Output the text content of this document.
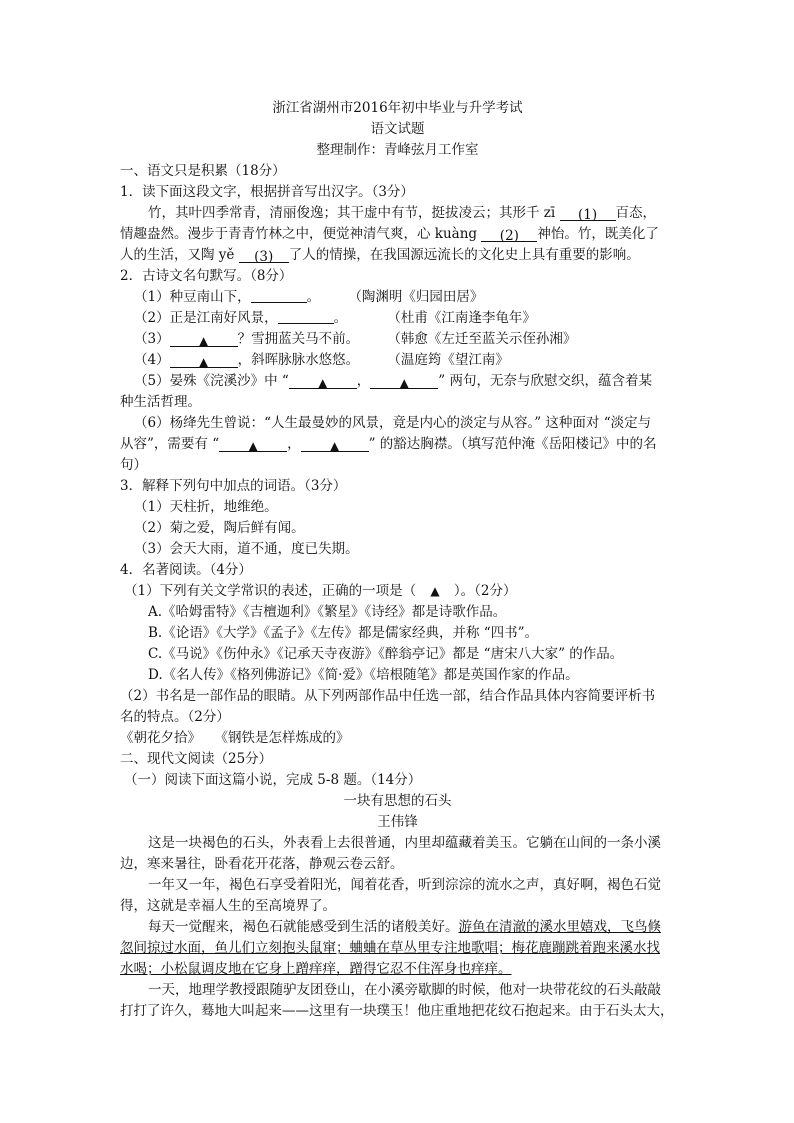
浙江省湖州市2016年初中毕业与升学考试
语文试题
整理制作：青峰弦月工作室
一、语文只是积累（18分）
1．读下面这段文字，根据拼音写出汉字。（3分）
竹，其叶四季常青，清丽俊逸；其干虚中有节，挺拔凌云；其形千 zī (1) 百态，
情趣盎然。漫步于青青竹林之中，便觉神清气爽，心 kuàng (2) 神怡。竹，既美化了
人的生活，又陶 yě (3) 了人的情操，在我国源远流长的文化史上具有重要的影响。
2．古诗文名句默写。（8分）
（1）种豆南山下，	。 （陶渊明《归园田居》
（2）正是江南好风景，	。	（杜甫《江南逢李龟年》
（3） ▲ ？雪拥蓝关马不前。 （韩愈《左迁至蓝关示侄孙湘》
（4） ▲ ，斜晖脉脉水悠悠。 （温庭筠《望江南》
（5）晏殊《浣溪沙》中 “ ▲ ， ▲ ” 两句，无奈与欣慰交织，蕴含着某
种生活哲理。
（6）杨绛先生曾说：“人生最曼妙的风景，竟是内心的淡定与从容。” 这种面对 “淡定与
从容”，需要有 “ ▲ ， ▲ ” 的豁达胸襟。（填写范仲淹《岳阳楼记》中的名
句）
3．解释下列句中加点的词语。（3分）
（1）天柱折，地维绝。
（2）菊之爱，陶后鲜有闻。
（3）会天大雨，道不通，度已失期。
4．名著阅读。（4分）
（1）下列有关文学常识的表述，正确的一项是（ ▲ ）。（2分）
A.《哈姆雷特》《吉檀迦利》《繁星》《诗经》都是诗歌作品。
B.《论语》《大学》《孟子》《左传》都是儒家经典，并称 “四书”。
C.《马说》《伤仲永》《记承天寺夜游》《醉翁亭记》都是 “唐宋八大家” 的作品。
D.《名人传》《格列佛游记》《简·爱》《培根随笔》都是英国作家的作品。
（2）书名是一部作品的眼睛。从下列两部作品中任选一部，结合作品具体内容简要评析书
名的特点。（2分）
《朝花夕拾》　　《钢铁是怎样炼成的》
二、现代文阅读（25分）
（一）阅读下面这篇小说，完成 5-8 题。（14分）
一块有思想的石头
王伟锋
这是一块褐色的石头，外表看上去很普通，内里却蕴藏着美玉。它躺在山间的一条小溪
边，寒来暑往，卧看花开花落，静观云卷云舒。
一年又一年，褐色石享受着阳光，闻着花香，听到淙淙的流水之声，真好啊，褐色石觉
得，这就是幸福人生的至高境界了。
每天一觉醒来，褐色石就能感受到生活的诸般美好。游鱼在清澈的溪水里嬉戏，飞鸟倏
忽间掠过水面，鱼儿们立刻抱头鼠窜；蛐蛐在草丛里专注地歌唱；梅花鹿蹦跳着跑来溪水找
水喝；小松鼠调皮地在它身上蹭痒痒，蹭得它忍不住浑身也痒痒。
一天，地理学教授跟随驴友团登山，在小溪旁歇脚的时候，他对一块带花纹的石头敲敲
打打了许久，蓦地大叫起来——这里有一块璞玉！他庄重地把花纹石抱起来。由于石头太大，
